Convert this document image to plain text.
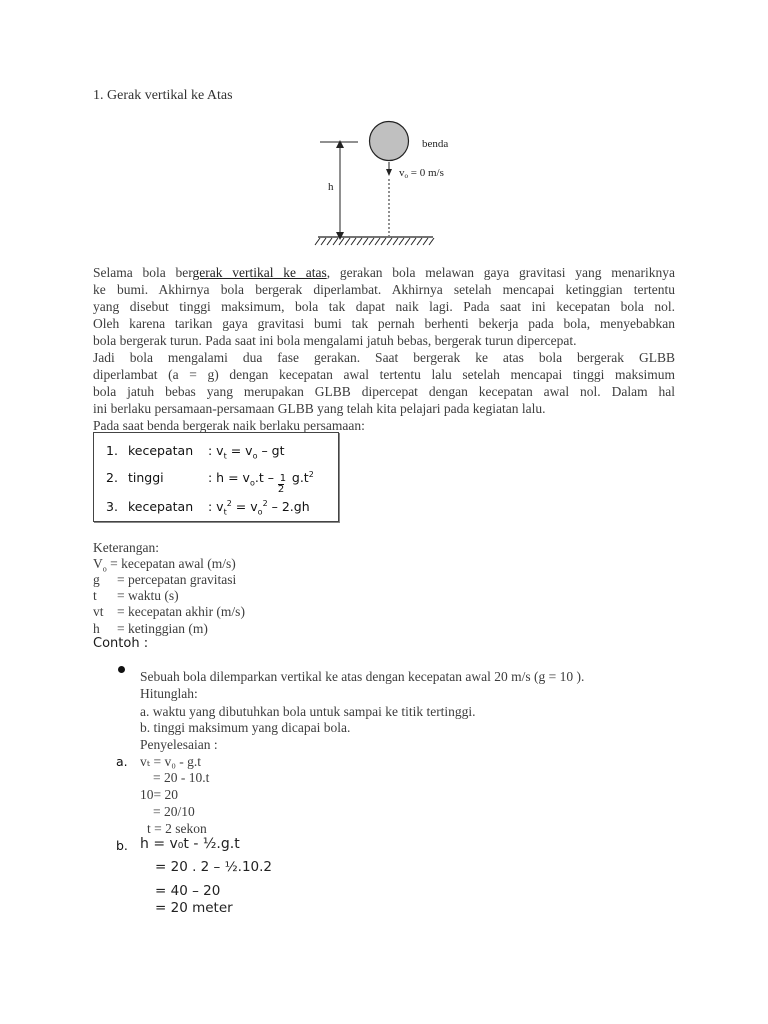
1. Gerak vertikal ke Atas
h
benda
vo = 0 m/s
Selama bola bergerak vertikal ke atas, gerakan bola melawan gaya gravitasi yang menariknya
ke bumi. Akhirnya bola bergerak diperlambat. Akhirnya setelah mencapai ketinggian tertentu
yang disebut tinggi maksimum, bola tak dapat naik lagi. Pada saat ini kecepatan bola nol.
Oleh karena tarikan gaya gravitasi bumi tak pernah berhenti bekerja pada bola, menyebabkan
bola bergerak turun. Pada saat ini bola mengalami jatuh bebas, bergerak turun dipercepat.
Jadi bola mengalami dua fase gerakan. Saat bergerak ke atas bola bergerak GLBB
diperlambat (a = g) dengan kecepatan awal tertentu lalu setelah mencapai tinggi maksimum
bola jatuh bebas yang merupakan GLBB dipercepat dengan kecepatan awal nol. Dalam hal
ini berlaku persamaan-persamaan GLBB yang telah kita pelajari pada kegiatan lalu.
Pada saat benda bergerak naik berlaku persamaan:
1. kecepatan : $v_t = v_o$ – gt
2. tinggi	: $h = v_o.t - 1$

2
$g.t^2$
3. kecepatan : $v_t^2 = v_o^2 - 2.gh$
Keterangan:
$V_o$ = kecepatan awal (m/s)
g = percepatan gravitasi
t = waktu (s)
vt = kecepatan akhir (m/s)
h = ketinggian (m)
Contoh :
Sebuah bola dilemparkan vertikal ke atas dengan kecepatan awal 20 m/s (g = 10 ).
Hitunglah:
a. waktu yang dibutuhkan bola untuk sampai ke titik tertinggi.
b. tinggi maksimum yang dicapai bola.
Penyelesaian :
a. vₜ = v₀ - g.t
= 20 - 10.t
10= 20
= 20/10
t = 2 sekon
b. h = v₀t - ½.g.t
= 20 . 2 – ½.10.2
= 40 – 20
= 20 meter
